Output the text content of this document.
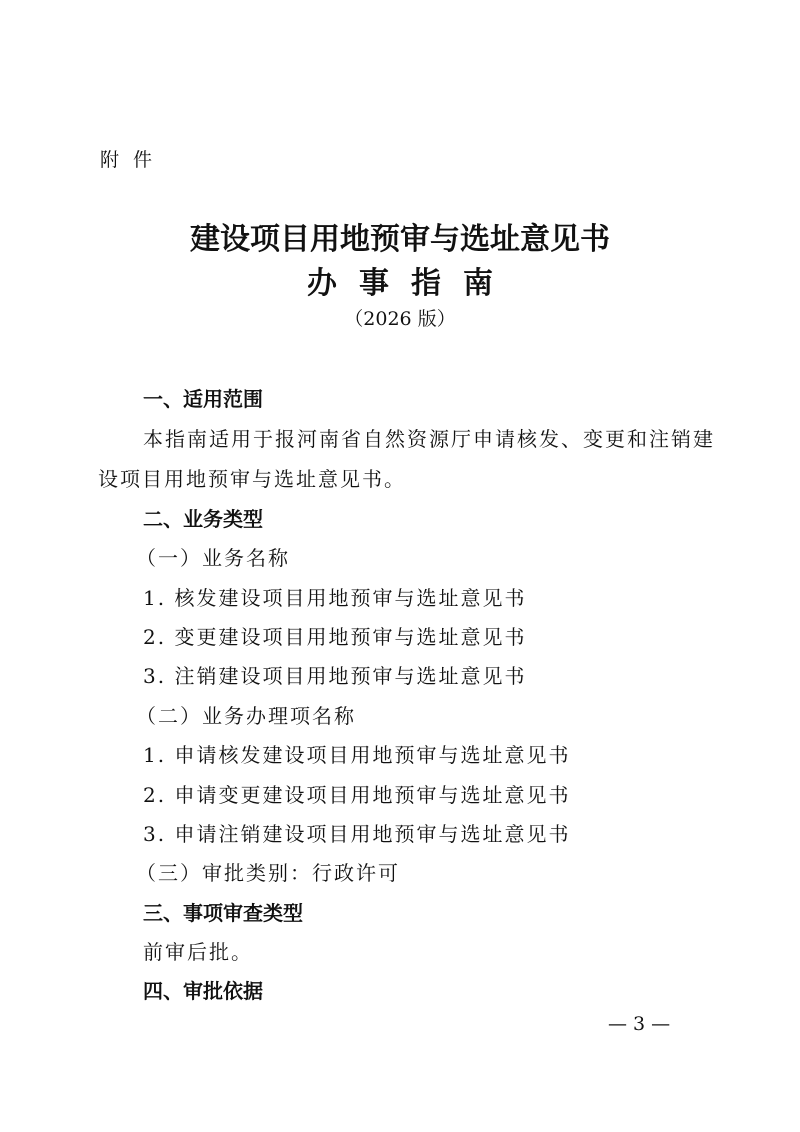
附件
建设项目用地预审与选址意见书
办事指南
（2026 版）
一、适用范围
本指南适用于报河南省自然资源厅申请核发、变更和注销建
设项目用地预审与选址意见书。
二、业务类型
（一）业务名称
1. 核发建设项目用地预审与选址意见书
2. 变更建设项目用地预审与选址意见书
3. 注销建设项目用地预审与选址意见书
（二）业务办理项名称
1. 申请核发建设项目用地预审与选址意见书
2. 申请变更建设项目用地预审与选址意见书
3. 申请注销建设项目用地预审与选址意见书
（三）审批类别：行政许可
三、事项审查类型
前审后批。
四、审批依据
— 3 —
